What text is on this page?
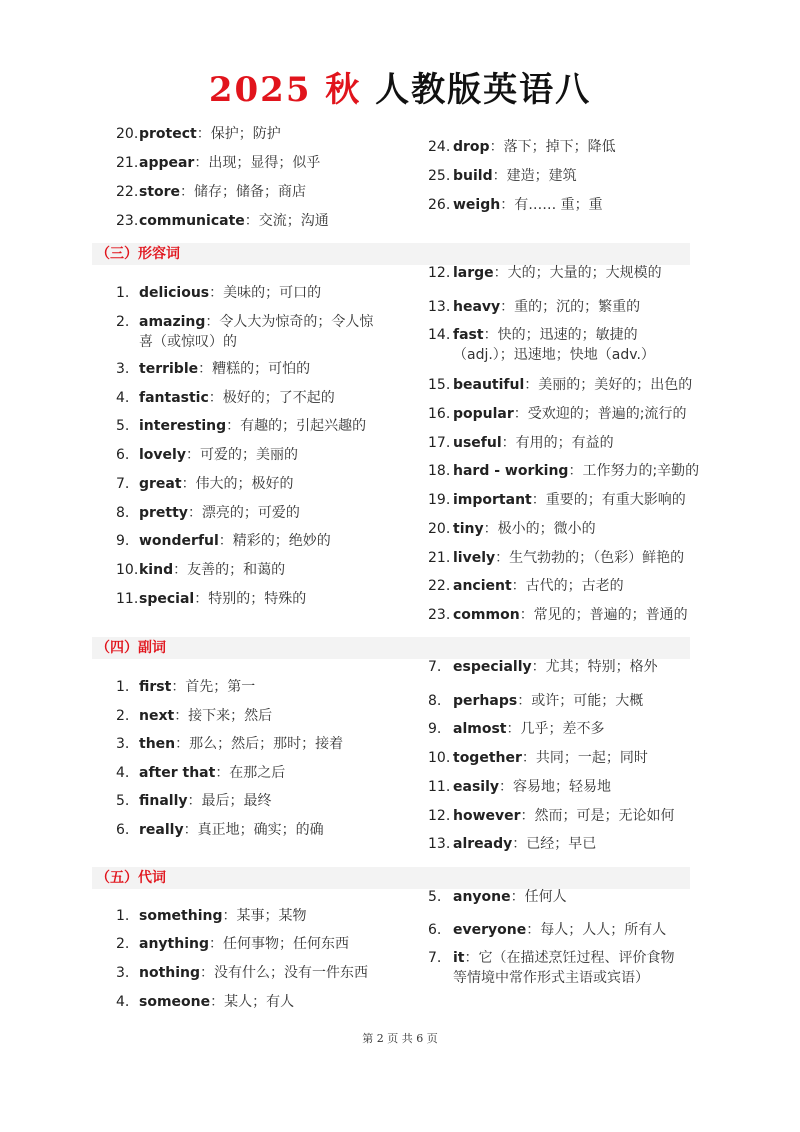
2025 秋 人教版英语八
20.protect：保护；防护
21.appear：出现；显得；似乎
22.store：储存；储备；商店
23.communicate：交流；沟通
24. drop：落下；掉下；降低
25. build：建造；建筑
26. weigh：有…… 重；重
（三）形容词
1. delicious：美味的；可口的
2. amazing：令人大为惊奇的；令人惊
喜（或惊叹）的
3. terrible：糟糕的；可怕的
4. fantastic：极好的；了不起的
5. interesting：有趣的；引起兴趣的
6. lovely：可爱的；美丽的
7. great：伟大的；极好的
8. pretty：漂亮的；可爱的
9. wonderful：精彩的；绝妙的
10.kind：友善的；和蔼的
11.special：特别的；特殊的
12. large：大的；大量的；大规模的
13. heavy：重的；沉的；繁重的
14. fast：快的；迅速的；敏捷的
（adj.）；迅速地；快地（adv.）
15. beautiful：美丽的；美好的；出色的
16. popular：受欢迎的；普遍的;流行的
17. useful：有用的；有益的
18. hard - working：工作努力的;辛勤的
19. important：重要的；有重大影响的
20. tiny：极小的；微小的
21. lively：生气勃勃的；（色彩）鲜艳的
22. ancient：古代的；古老的
23. common：常见的；普遍的；普通的
（四）副词
1. first：首先；第一
2. next：接下来；然后
3. then：那么；然后；那时；接着
4. after that：在那之后
5. finally：最后；最终
6. really：真正地；确实；的确
7. especially：尤其；特别；格外
8. perhaps：或许；可能；大概
9. almost：几乎；差不多
10. together：共同；一起；同时
11. easily：容易地；轻易地
12. however：然而；可是；无论如何
13. already：已经；早已
（五）代词
1. something：某事；某物
2. anything：任何事物；任何东西
3. nothing：没有什么；没有一件东西
4. someone：某人；有人
5. anyone：任何人
6. everyone：每人；人人；所有人
7. it：它（在描述烹饪过程、评价食物
等情境中常作形式主语或宾语）
第 2 页 共 6 页
